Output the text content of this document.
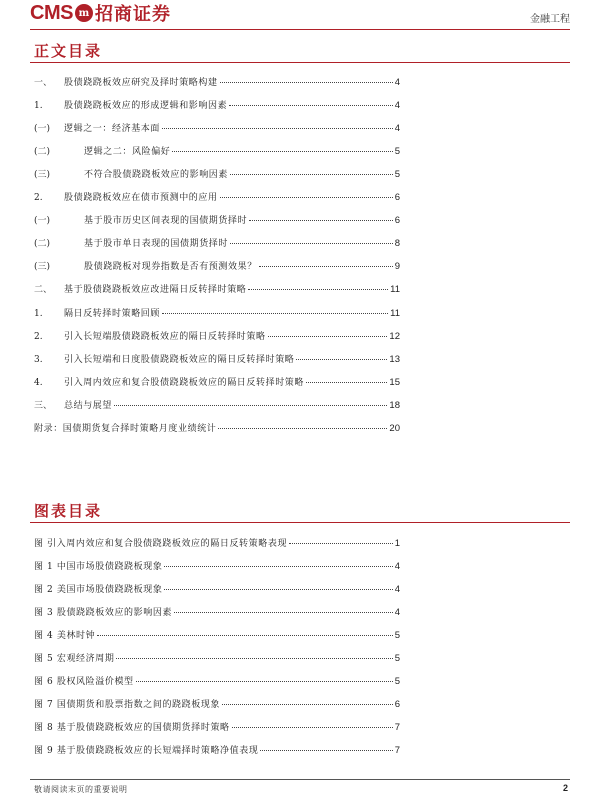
CMS m 招商证券	金融工程
正文目录
一、	股债跷跷板效应研究及择时策略构建	4
1.	股债跷跷板效应的形成逻辑和影响因素	4
(一)	逻辑之一：经济基本面	4
(二)	逻辑之二：风险偏好	5
(三)	不符合股债跷跷板效应的影响因素	5
2.	股债跷跷板效应在债市预测中的应用	6
(一)	基于股市历史区间表现的国债期货择时	6
(二)	基于股市单日表现的国债期货择时	8
(三)	股债跷跷板对现券指数是否有预测效果？	9
二、	基于股债跷跷板效应改进隔日反转择时策略	11
1.	隔日反转择时策略回顾	11
2.	引入长短端股债跷跷板效应的隔日反转择时策略	12
3.	引入长短端和日度股债跷跷板效应的隔日反转择时策略	13
4.	引入周内效应和复合股债跷跷板效应的隔日反转择时策略	15
三、	总结与展望	18
附录：国债期货复合择时策略月度业绩统计	20
图表目录
图 引入周内效应和复合股债跷跷板效应的隔日反转策略表现	1
图 1 中国市场股债跷跷板现象	4
图 2 美国市场股债跷跷板现象	4
图 3 股债跷跷板效应的影响因素	4
图 4 美林时钟	5
图 5 宏观经济周期	5
图 6 股权风险溢价模型	5
图 7 国债期货和股票指数之间的跷跷板现象	6
图 8 基于股债跷跷板效应的国债期货择时策略	7
图 9 基于股债跷跷板效应的长短端择时策略净值表现	7
敬请阅读末页的重要说明	2
